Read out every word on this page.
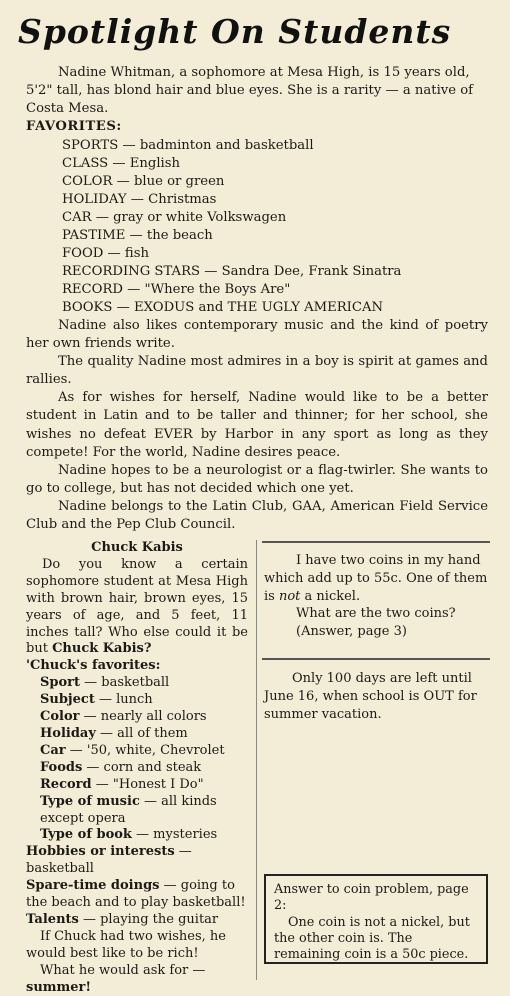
Spotlight On Students

Nadine Whitman, a sophomore at Mesa High, is 15 years old, 5'2" tall, has blond hair and blue eyes. She is a rarity — a native of Costa Mesa.

FAVORITES:
SPORTS — badminton and basketball
CLASS — English
COLOR — blue or green
HOLIDAY — Christmas
CAR — gray or white Volkswagen
PASTIME — the beach
FOOD — fish
RECORDING STARS — Sandra Dee, Frank Sinatra
RECORD — "Where the Boys Are"
BOOKS — EXODUS and THE UGLY AMERICAN

Nadine also likes contemporary music and the kind of poetry her own friends write.

The quality Nadine most admires in a boy is spirit at games and rallies.

As for wishes for herself, Nadine would like to be a better student in Latin and to be taller and thinner; for her school, she wishes no defeat EVER by Harbor in any sport as long as they compete! For the world, Nadine desires peace.

Nadine hopes to be a neurologist or a flag-twirler. She wants to go to college, but has not decided which one yet.

Nadine belongs to the Latin Club, GAA, American Field Service Club and the Pep Club Council.

Chuck Kabis

Do you know a certain sophomore student at Mesa High with brown hair, brown eyes, 15 years of age, and 5 feet, 11 inches tall? Who else could it be but Chuck Kabis?

'Chuck's favorites:

Sport — basketball
Subject — lunch
Color — nearly all colors
Holiday — all of them
Car — '50, white, Chevrolet
Foods — corn and steak
Record — "Honest I Do"
Type of music — all kinds except opera
Type of book — mysteries
Hobbies or interests — basketball
Spare-time doings — going to the beach and to play basketball!
Talents — playing the guitar

If Chuck had two wishes, he would best like to be rich!

What he would ask for — summer!

I have two coins in my hand which add up to 55c. One of them is not a nickel.

What are the two coins?

(Answer, page 3)

Only 100 days are left until June 16, when school is OUT for summer vacation.

Answer to coin problem, page 2:

One coin is not a nickel, but the other coin is. The remaining coin is a 50c piece.
